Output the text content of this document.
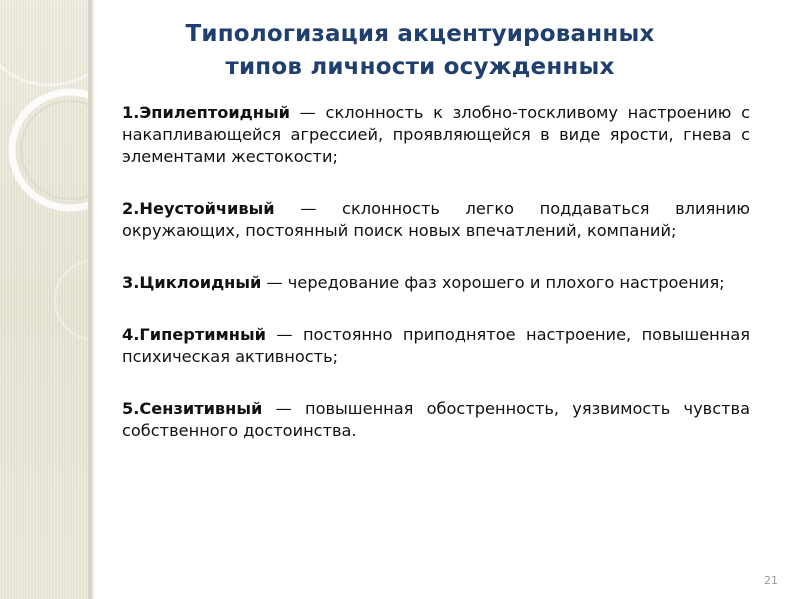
Типологизация акцентуированных
типов личности осужденных

1.Эпилептоидный — склонность к злобно-тоскливому настроению с накапливающейся агрессией, проявляющейся в виде ярости, гнева с элементами жестокости;

2.Неустойчивый — склонность легко поддаваться влиянию окружающих, постоянный поиск новых впечатлений, компаний;

3.Циклоидный — чередование фаз хорошего и плохого настроения;

4.Гипертимный — постоянно приподнятое настроение, повышенная психическая активность;

5.Сензитивный — повышенная обостренность, уязвимость чувства собственного достоинства.

21
